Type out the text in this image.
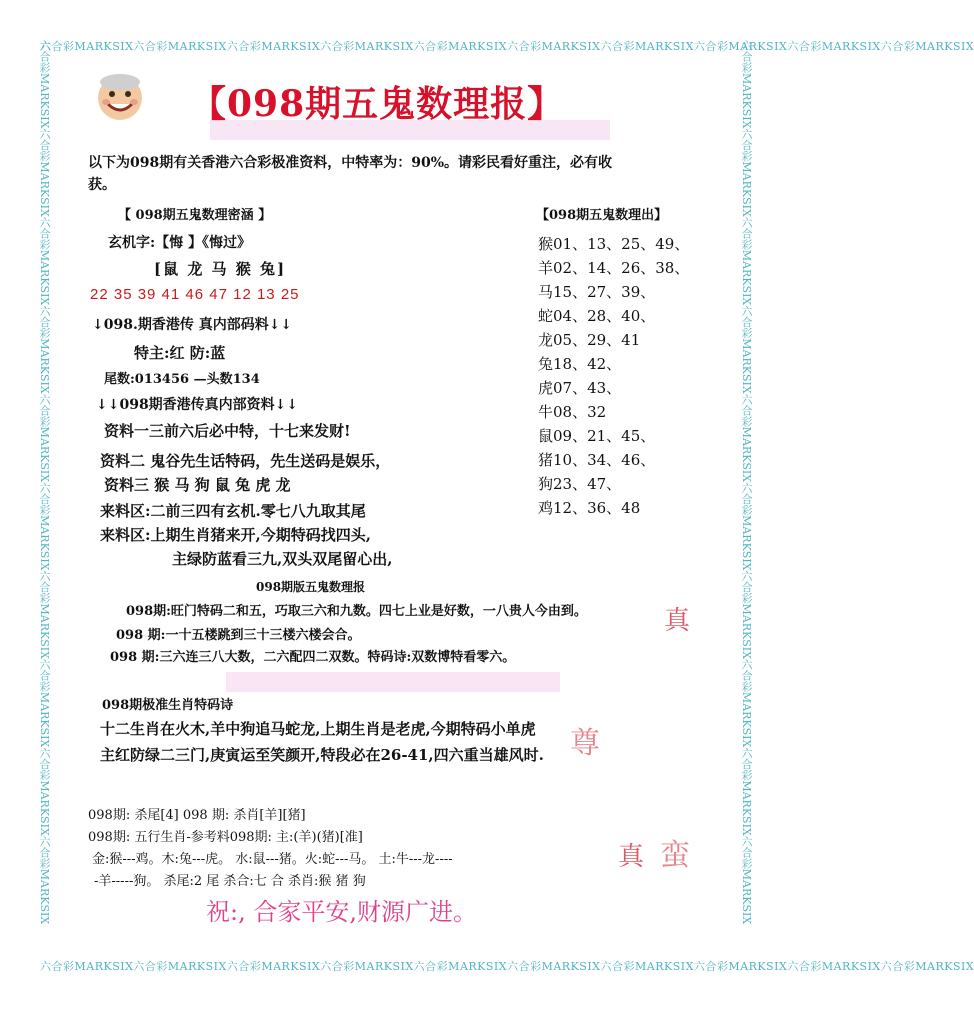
六合彩MARKSIX六合彩MARKSIX六合彩MARKSIX六合彩MARKSIX六合彩MARKSIX六合彩MARKSIX六合彩MARKSIX六合彩MARKSIX六合彩MARKSIX六合彩MARKSIX
六合彩MARKSIX六合彩MARKSIX六合彩MARKSIX六合彩MARKSIX六合彩MARKSIX六合彩MARKSIX六合彩MARKSIX六合彩MARKSIX六合彩MARKSIX六合彩MARKSIX
六合彩MARKSIX六合彩MARKSIX六合彩MARKSIX六合彩MARKSIX六合彩MARKSIX六合彩MARKSIX六合彩MARKSIX六合彩MARKSIX六合彩MARKSIX六合彩MARKSIX	六合彩MARKSIX六合彩MARKSIX六合彩MARKSIX六合彩MARKSIX六合彩MARKSIX六合彩MARKSIX六合彩MARKSIX六合彩MARKSIX六合彩MARKSIX六合彩MARKSIX
【098期五鬼数理报】
以下为098期有关香港六合彩极准资料，中特率为：90%。请彩民看好重注，必有收
获。
【 098期五鬼数理密涵 】
玄机字:【悔 】《悔过》
[鼠 龙 马 猴 兔]
22 35 39 41 46 47 12 13 25
↓098.期香港传 真内部码料↓↓
特主:红 防:蓝
尾数:013456 —头数134
↓↓098期香港传真内部资料↓↓
资料一三前六后必中特，十七来发财!
资料二 鬼谷先生话特码，先生送码是娱乐，
资料三 猴 马 狗 鼠 兔 虎 龙
来料区:二前三四有玄机.零七八九取其尾
来料区:上期生肖猪来开,今期特码找四头,
主绿防蓝看三九,双头双尾留心出,
【098期五鬼数理出】
猴01、13、25、49、
羊02、14、26、38、
马15、27、39、
蛇04、28、40、
龙05、29、41
兔18、42、
虎07、43、
牛08、32
鼠09、21、45、
猪10、34、46、
狗23、47、
鸡12、36、48
098期版五鬼数理报
098期:旺门特码二和五，巧取三六和九数。四七上业是好数，一八贵人今由到。
098 期:一十五楼跳到三十三楼六楼会合。
098 期:三六连三八大数，二六配四二双数。特码诗:双数博特看零六。
098期极准生肖特码诗
十二生肖在火木,羊中狗追马蛇龙,上期生肖是老虎,今期特码小单虎
主红防绿二三门,庚寅运至笑颜开,特段必在26-41,四六重当雄风时.
098期: 杀尾[4] 098 期: 杀肖[羊][猪]
098期: 五行生肖-参考料098期: 主:(羊)(猪)[准]
金:猴---鸡。木:兔---虎。 水:鼠---猪。火:蛇---马。 土:牛---龙----
-羊-----狗。 杀尾:2 尾 杀合:七 合 杀肖:猴 猪 狗
祝:, 合家平安,财源广进。
真
尊
真 蛮
